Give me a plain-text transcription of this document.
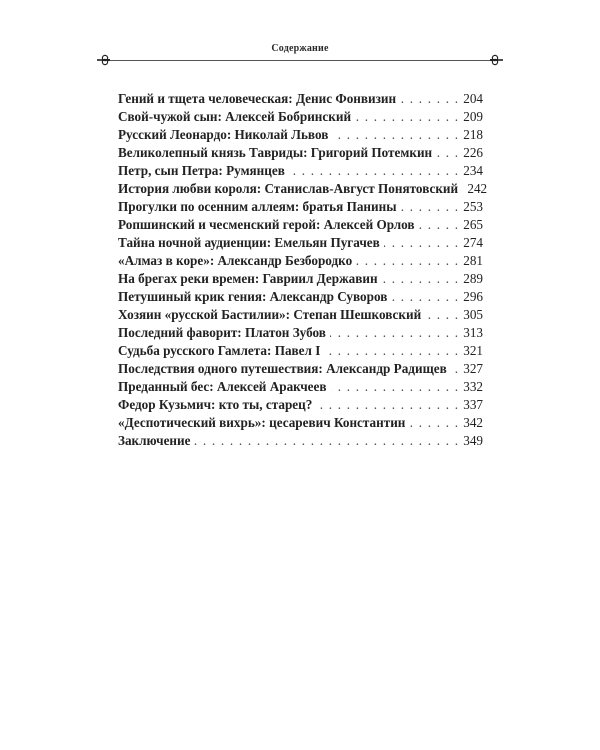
Содержание
Гений и тщета человеческая: Денис Фонвизин . . .	204
Свой-чужой сын: Алексей Бобринский . . .	209
Русский Леонардо: Николай Львов . . .	218
Великолепный князь Тавриды: Григорий Потемкин . . . 226
Петр, сын Петра: Румянцев . . .	234
История любви короля: Станислав-Август Понятовский 242
Прогулки по осенним аллеям: братья Панины . . .	253
Ропшинский и чесменский герой: Алексей Орлов . . .	265
Тайна ночной аудиенции: Емельян Пугачев . . .	274
«Алмаз в коре»: Александр Безбородко . . .	281
На брегах реки времен: Гавриил Державин . . .	289
Петушиный крик гения: Александр Суворов . . .	296
Хозяин «русской Бастилии»: Степан Шешковский . . .	305
Последний фаворит: Платон Зубов . . .	313
Судьба русского Гамлета: Павел I . . .	321
Последствия одного путешествия: Александр Радищев . . . 327
Преданный бес: Алексей Аракчеев . . .	332
Федор Кузьмич: кто ты, старец? . . .	337
«Деспотический вихрь»: цесаревич Константин . . .	342
Заключение . . .	349
